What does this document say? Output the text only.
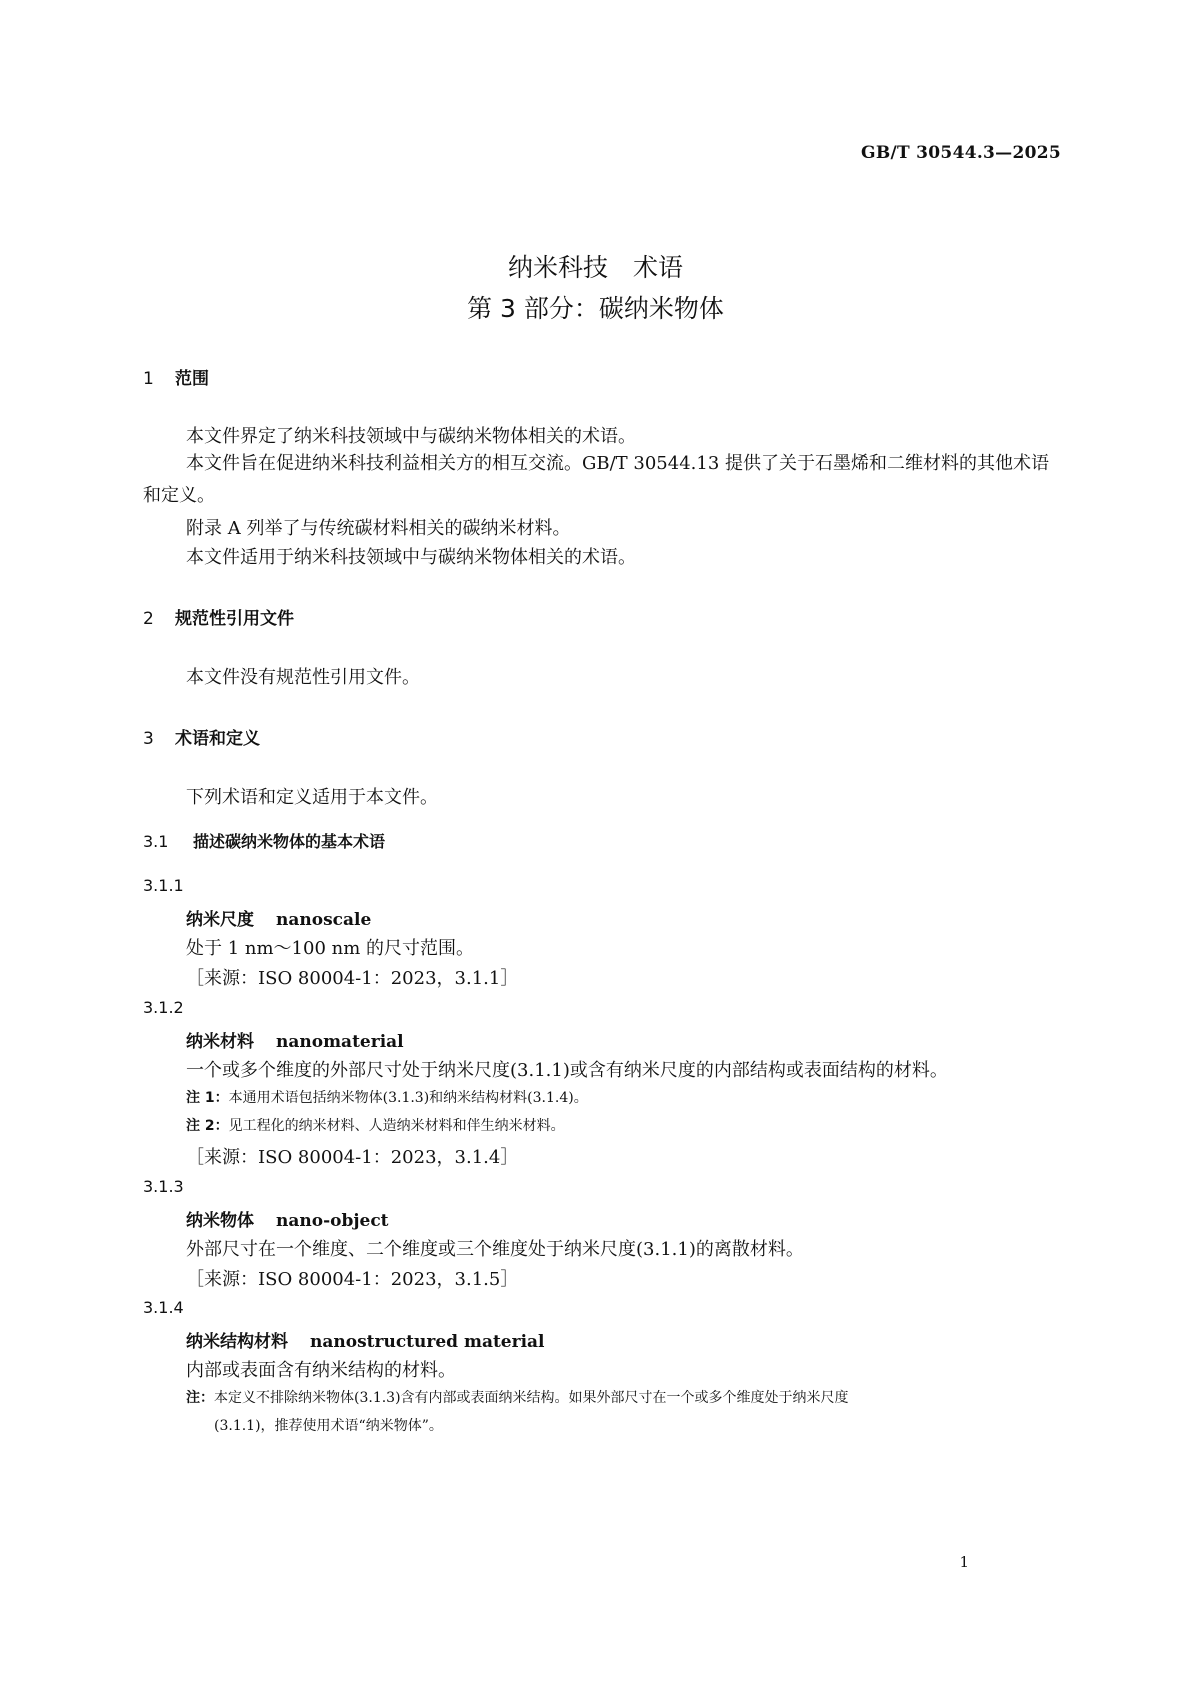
GB/T 30544.3—2025
纳米科技　术语
第 3 部分：碳纳米物体
1 范围
本文件界定了纳米科技领域中与碳纳米物体相关的术语。
本文件旨在促进纳米科技利益相关方的相互交流。GB/T 30544.13 提供了关于石墨烯和二维材料的其他术语和定义。
附录 A 列举了与传统碳材料相关的碳纳米材料。
本文件适用于纳米科技领域中与碳纳米物体相关的术语。
2 规范性引用文件
本文件没有规范性引用文件。
3 术语和定义
下列术语和定义适用于本文件。
3.1 描述碳纳米物体的基本术语
3.1.1
纳米尺度 nanoscale
处于 1 nm～100 nm 的尺寸范围。
［来源：ISO 80004-1：2023，3.1.1］
3.1.2
纳米材料 nanomaterial
一个或多个维度的外部尺寸处于纳米尺度(3.1.1)或含有纳米尺度的内部结构或表面结构的材料。
注 1：本通用术语包括纳米物体(3.1.3)和纳米结构材料(3.1.4)。
注 2：见工程化的纳米材料、人造纳米材料和伴生纳米材料。
［来源：ISO 80004-1：2023，3.1.4］
3.1.3
纳米物体 nano-object
外部尺寸在一个维度、二个维度或三个维度处于纳米尺度(3.1.1)的离散材料。
［来源：ISO 80004-1：2023，3.1.5］
3.1.4
纳米结构材料 nanostructured material
内部或表面含有纳米结构的材料。
注：本定义不排除纳米物体(3.1.3)含有内部或表面纳米结构。如果外部尺寸在一个或多个维度处于纳米尺度
(3.1.1)，推荐使用术语“纳米物体”。
1
